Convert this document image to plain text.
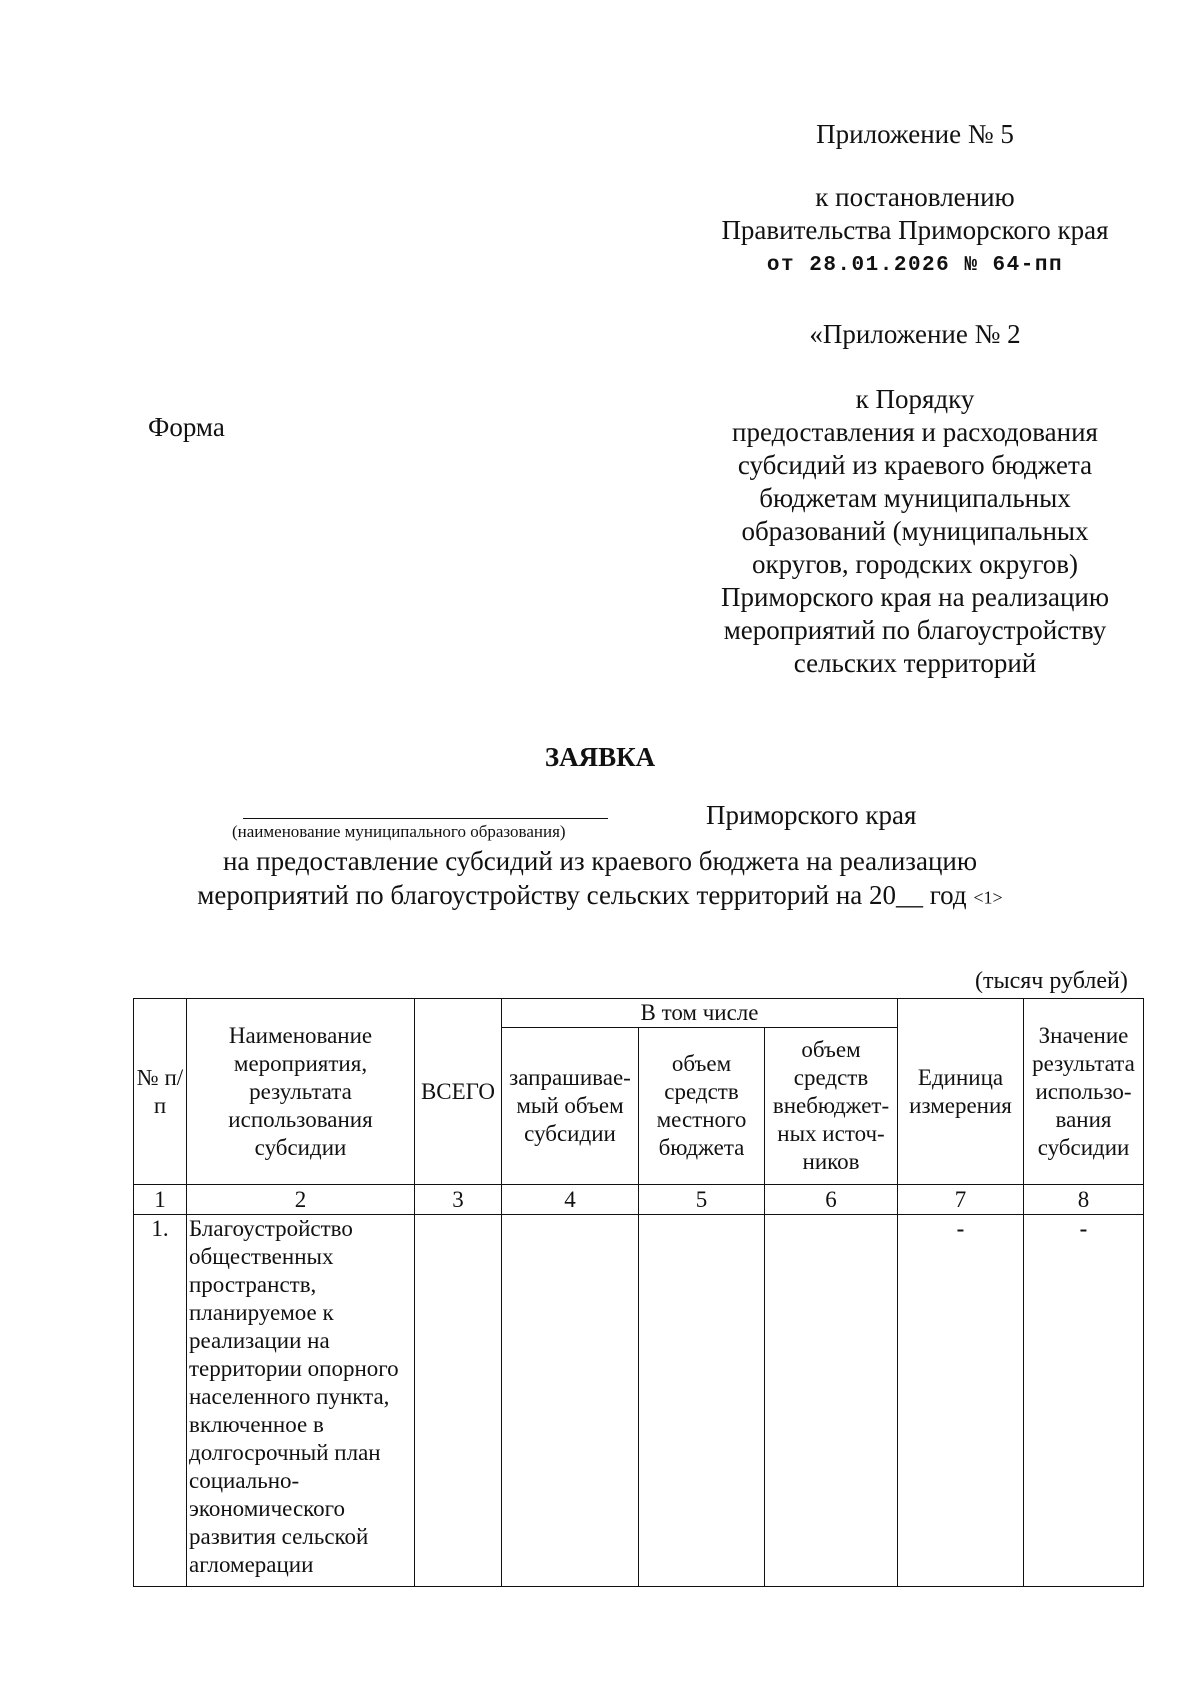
Приложение № 5
к постановлению
Правительства Приморского края
от 28.01.2026 № 64-пп
Форма
«Приложение № 2
к Порядку
предоставления и расходования
субсидий из краевого бюджета
бюджетам муниципальных
образований (муниципальных
округов, городских округов)
Приморского края на реализацию
мероприятий по благоустройству
сельских территорий
ЗАЯВКА
(наименование муниципального образования)
Приморского края
на предоставление субсидий из краевого бюджета на реализацию
мероприятий по благоустройству сельских территорий на 20__ год <1>
(тысяч рублей)
№ п/п	Наименование мероприятия, результата использования субсидии	ВСЕГО	В том числе			Единица измерения	Значение результата использо-вания субсидии
			запрашивае-мый объем субсидии	объем средств местного бюджета	объем средств внебюджет-ных источ-ников		
1	2	3	4	5	6	7	8
1.	Благоустройство общественных пространств, планируемое к реализации на территории опорного населенного пункта, включенное в долгосрочный план социально-экономического развития сельской агломерации					-	-
